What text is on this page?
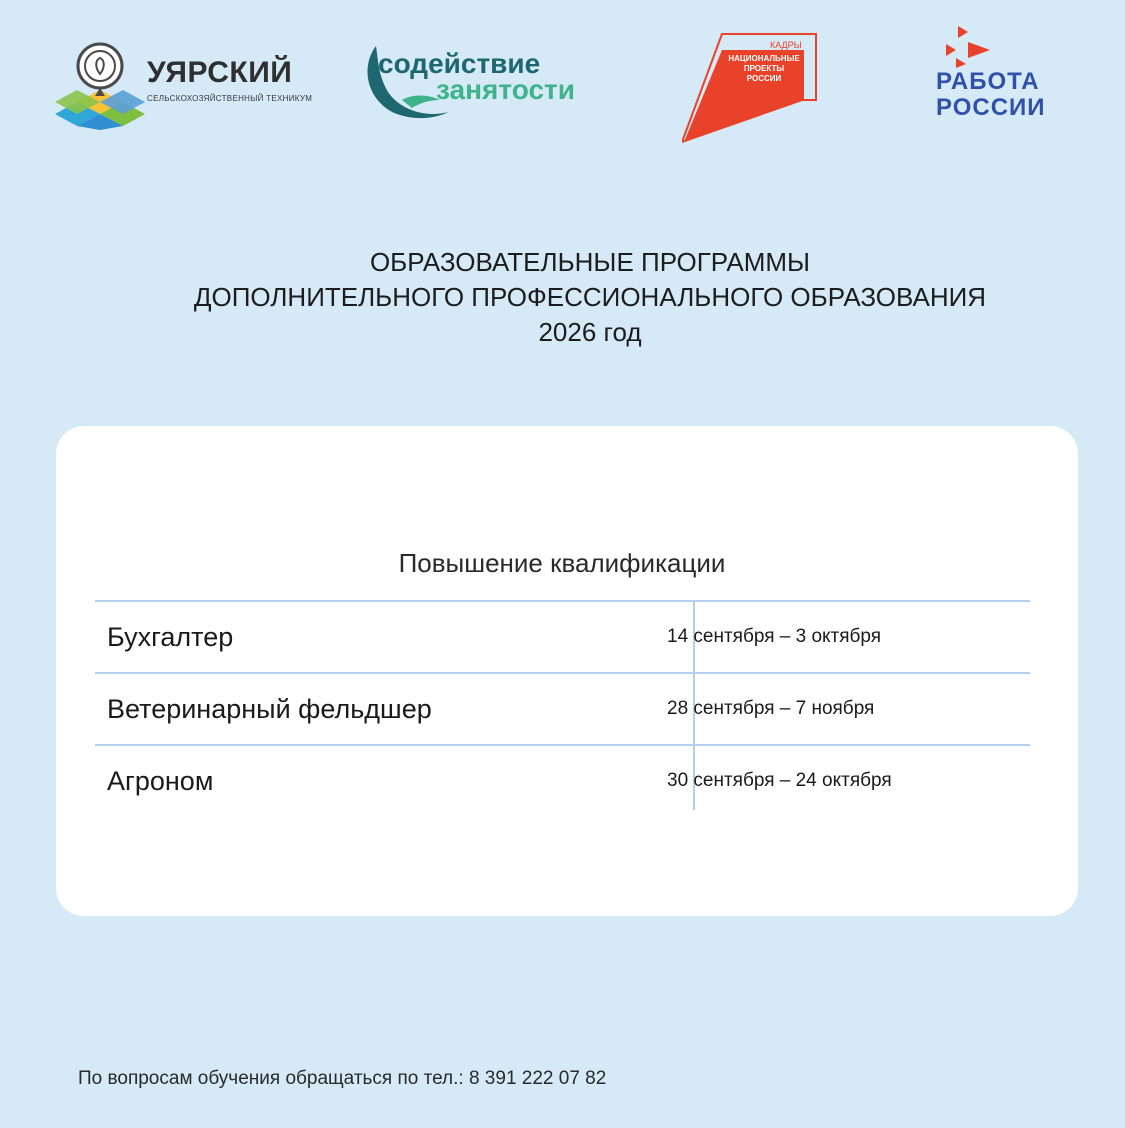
УЯРСКИЙ
СЕЛЬСКОХОЗЯЙСТВЕННЫЙ ТЕХНИКУМ
содействие
занятости
КАДРЫ
НАЦИОНАЛЬНЫЕ
ПРОЕКТЫ
РОССИИ	РАБОТА
РОССИИ
ОБРАЗОВАТЕЛЬНЫЕ ПРОГРАММЫ
ДОПОЛНИТЕЛЬНОГО ПРОФЕССИОНАЛЬНОГО ОБРАЗОВАНИЯ
2026 год
Повышение квалификации
Бухгалтер	14 сентября – 3 октября
Ветеринарный фельдшер	28 сентября – 7 ноября
Агроном	30 сентября – 24 октября
По вопросам обучения обращаться по тел.: 8 391 222 07 82
